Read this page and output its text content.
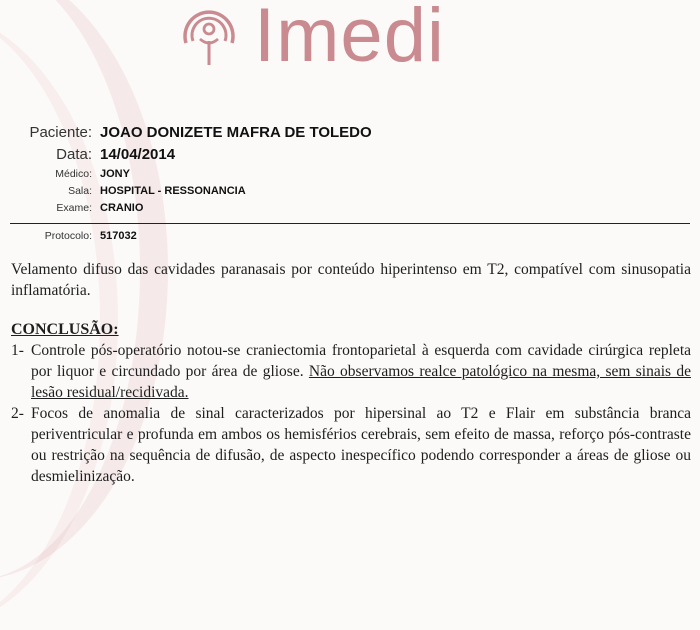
Imedi
Paciente: JOAO DONIZETE MAFRA DE TOLEDO
Data: 14/04/2014
Médico: JONY
Sala: HOSPITAL - RESSONANCIA
Exame: CRANIO
Protocolo: 517032

Velamento difuso das cavidades paranasais por conteúdo hiperintenso em T2, compatível com sinusopatia inflamatória.

CONCLUSÃO:
1- Controle pós-operatório notou-se craniectomia frontoparietal à esquerda com cavidade cirúrgica repleta por liquor e circundado por área de gliose. Não observamos realce patológico na mesma, sem sinais de lesão residual/recidivada.
2- Focos de anomalia de sinal caracterizados por hipersinal ao T2 e Flair em substância branca periventricular e profunda em ambos os hemisférios cerebrais, sem efeito de massa, reforço pós-contraste ou restrição na sequência de difusão, de aspecto inespecífico podendo corresponder a áreas de gliose ou desmielinização.
